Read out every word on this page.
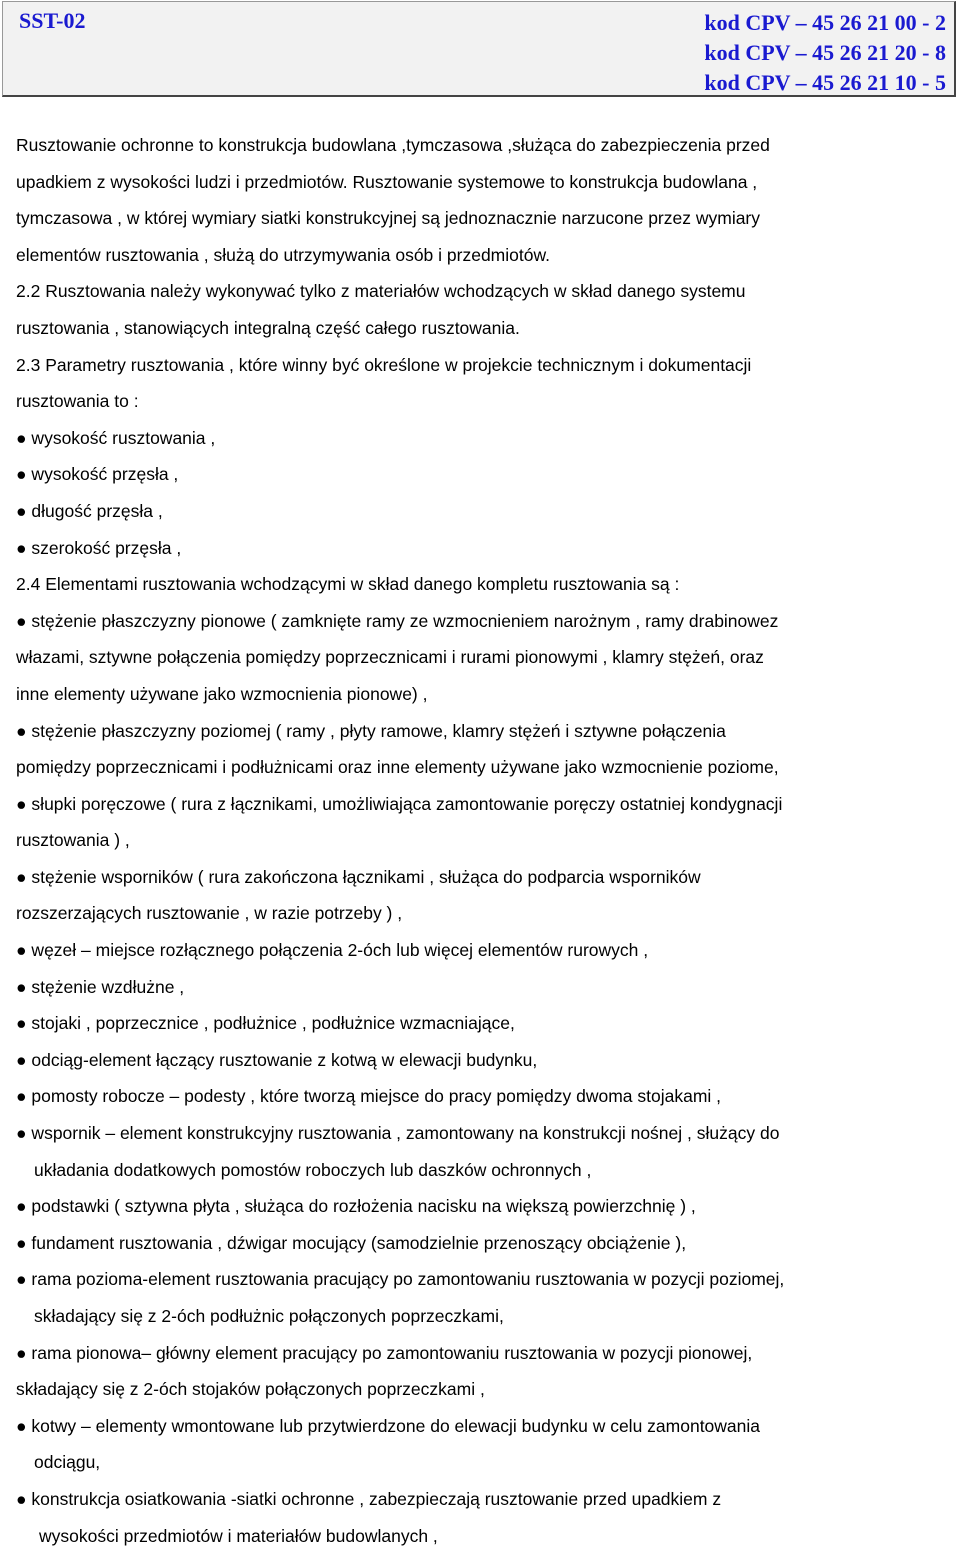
SST-02	kod CPV – 45 26 21 00 - 2
kod CPV – 45 26 21 20 - 8
kod CPV – 45 26 21 10 - 5
Rusztowanie ochronne to konstrukcja budowlana ,tymczasowa ,służąca do zabezpieczenia przed
upadkiem z wysokości ludzi i przedmiotów. Rusztowanie systemowe to konstrukcja budowlana ,
tymczasowa , w której wymiary siatki konstrukcyjnej są jednoznacznie narzucone przez wymiary
elementów rusztowania , służą do utrzymywania osób i przedmiotów.
2.2 Rusztowania należy wykonywać tylko z materiałów wchodzących w skład danego systemu
rusztowania , stanowiących integralną część całego rusztowania.
2.3 Parametry rusztowania , które winny być określone w projekcie technicznym i dokumentacji
rusztowania to :
● wysokość rusztowania ,
● wysokość przęsła ,
● długość przęsła ,
● szerokość przęsła ,
2.4 Elementami rusztowania wchodzącymi w skład danego kompletu rusztowania są :
● stężenie płaszczyzny pionowe ( zamknięte ramy ze wzmocnieniem narożnym , ramy drabinowez
włazami, sztywne połączenia pomiędzy poprzecznicami i rurami pionowymi , klamry stężeń, oraz
inne elementy używane jako wzmocnienia pionowe) ,
● stężenie płaszczyzny poziomej ( ramy , płyty ramowe, klamry stężeń i sztywne połączenia
pomiędzy poprzecznicami i podłużnicami oraz inne elementy używane jako wzmocnienie poziome,
● słupki poręczowe ( rura z łącznikami, umożliwiająca zamontowanie poręczy ostatniej kondygnacji
rusztowania ) ,
● stężenie wsporników ( rura zakończona łącznikami , służąca do podparcia wsporników
rozszerzających rusztowanie , w razie potrzeby ) ,
● węzeł – miejsce rozłącznego połączenia 2-óch lub więcej elementów rurowych ,
● stężenie wzdłużne ,
● stojaki , poprzecznice , podłużnice , podłużnice wzmacniające,
● odciąg-element łączący rusztowanie z kotwą w elewacji budynku,
● pomosty robocze – podesty , które tworzą miejsce do pracy pomiędzy dwoma stojakami ,
● wspornik – element konstrukcyjny rusztowania , zamontowany na konstrukcji nośnej , służący do
układania dodatkowych pomostów roboczych lub daszków ochronnych ,
● podstawki ( sztywna płyta , służąca do rozłożenia nacisku na większą powierzchnię ) ,
● fundament rusztowania , dźwigar mocujący (samodzielnie przenoszący obciążenie ),
● rama pozioma-element rusztowania pracujący po zamontowaniu rusztowania w pozycji poziomej,
składający się z 2-óch podłużnic połączonych poprzeczkami,
● rama pionowa– główny element pracujący po zamontowaniu rusztowania w pozycji pionowej,
składający się z 2-óch stojaków połączonych poprzeczkami ,
● kotwy – elementy wmontowane lub przytwierdzone do elewacji budynku w celu zamontowania
odciągu,
● konstrukcja osiatkowania -siatki ochronne , zabezpieczają rusztowanie przed upadkiem z
wysokości przedmiotów i materiałów budowlanych ,
